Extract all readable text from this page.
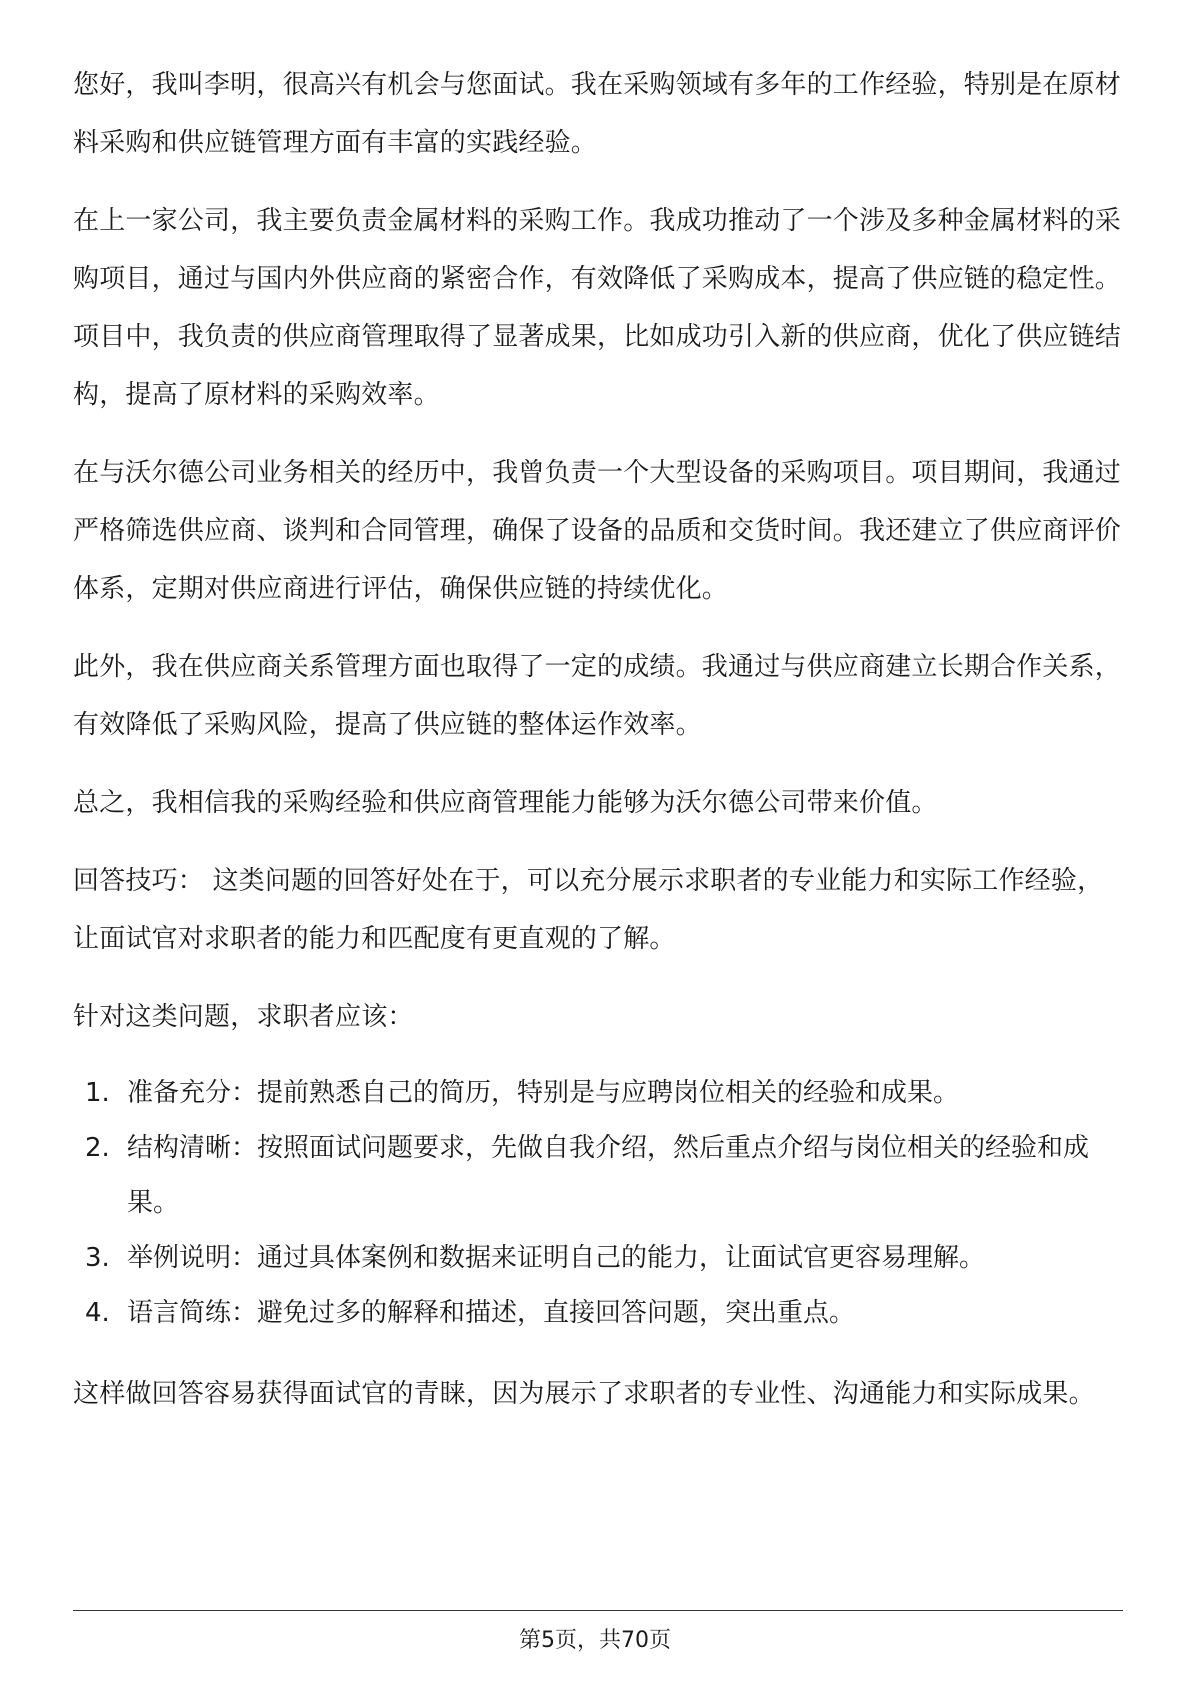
您好，我叫李明，很高兴有机会与您面试。我在采购领域有多年的工作经验，特别是在原材料采购和供应链管理方面有丰富的实践经验。

在上一家公司，我主要负责金属材料的采购工作。我成功推动了一个涉及多种金属材料的采购项目，通过与国内外供应商的紧密合作，有效降低了采购成本，提高了供应链的稳定性。项目中，我负责的供应商管理取得了显著成果，比如成功引入新的供应商，优化了供应链结构，提高了原材料的采购效率。

在与沃尔德公司业务相关的经历中，我曾负责一个大型设备的采购项目。项目期间，我通过严格筛选供应商、谈判和合同管理，确保了设备的品质和交货时间。我还建立了供应商评价体系，定期对供应商进行评估，确保供应链的持续优化。

此外，我在供应商关系管理方面也取得了一定的成绩。我通过与供应商建立长期合作关系，有效降低了采购风险，提高了供应链的整体运作效率。

总之，我相信我的采购经验和供应商管理能力能够为沃尔德公司带来价值。

回答技巧： 这类问题的回答好处在于，可以充分展示求职者的专业能力和实际工作经验，让面试官对求职者的能力和匹配度有更直观的了解。

针对这类问题，求职者应该：

1. 准备充分：提前熟悉自己的简历，特别是与应聘岗位相关的经验和成果。
2. 结构清晰：按照面试问题要求，先做自我介绍，然后重点介绍与岗位相关的经验和成果。
3. 举例说明：通过具体案例和数据来证明自己的能力，让面试官更容易理解。
4. 语言简练：避免过多的解释和描述，直接回答问题，突出重点。

这样做回答容易获得面试官的青睐，因为展示了求职者的专业性、沟通能力和实际成果。

第5页，共70页
